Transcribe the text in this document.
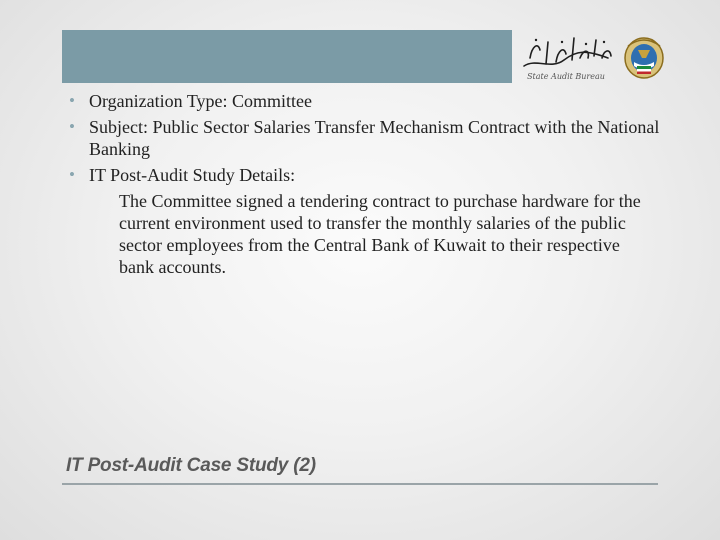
State Audit Bureau
• Organization Type: Committee
• Subject: Public Sector Salaries Transfer Mechanism Contract with the National Banking
• IT Post-Audit Study Details:
The Committee signed a tendering contract to purchase hardware for the current environment used to transfer the monthly salaries of the public sector employees from the Central Bank of Kuwait to their respective bank accounts.
IT Post-Audit Case Study (2)
